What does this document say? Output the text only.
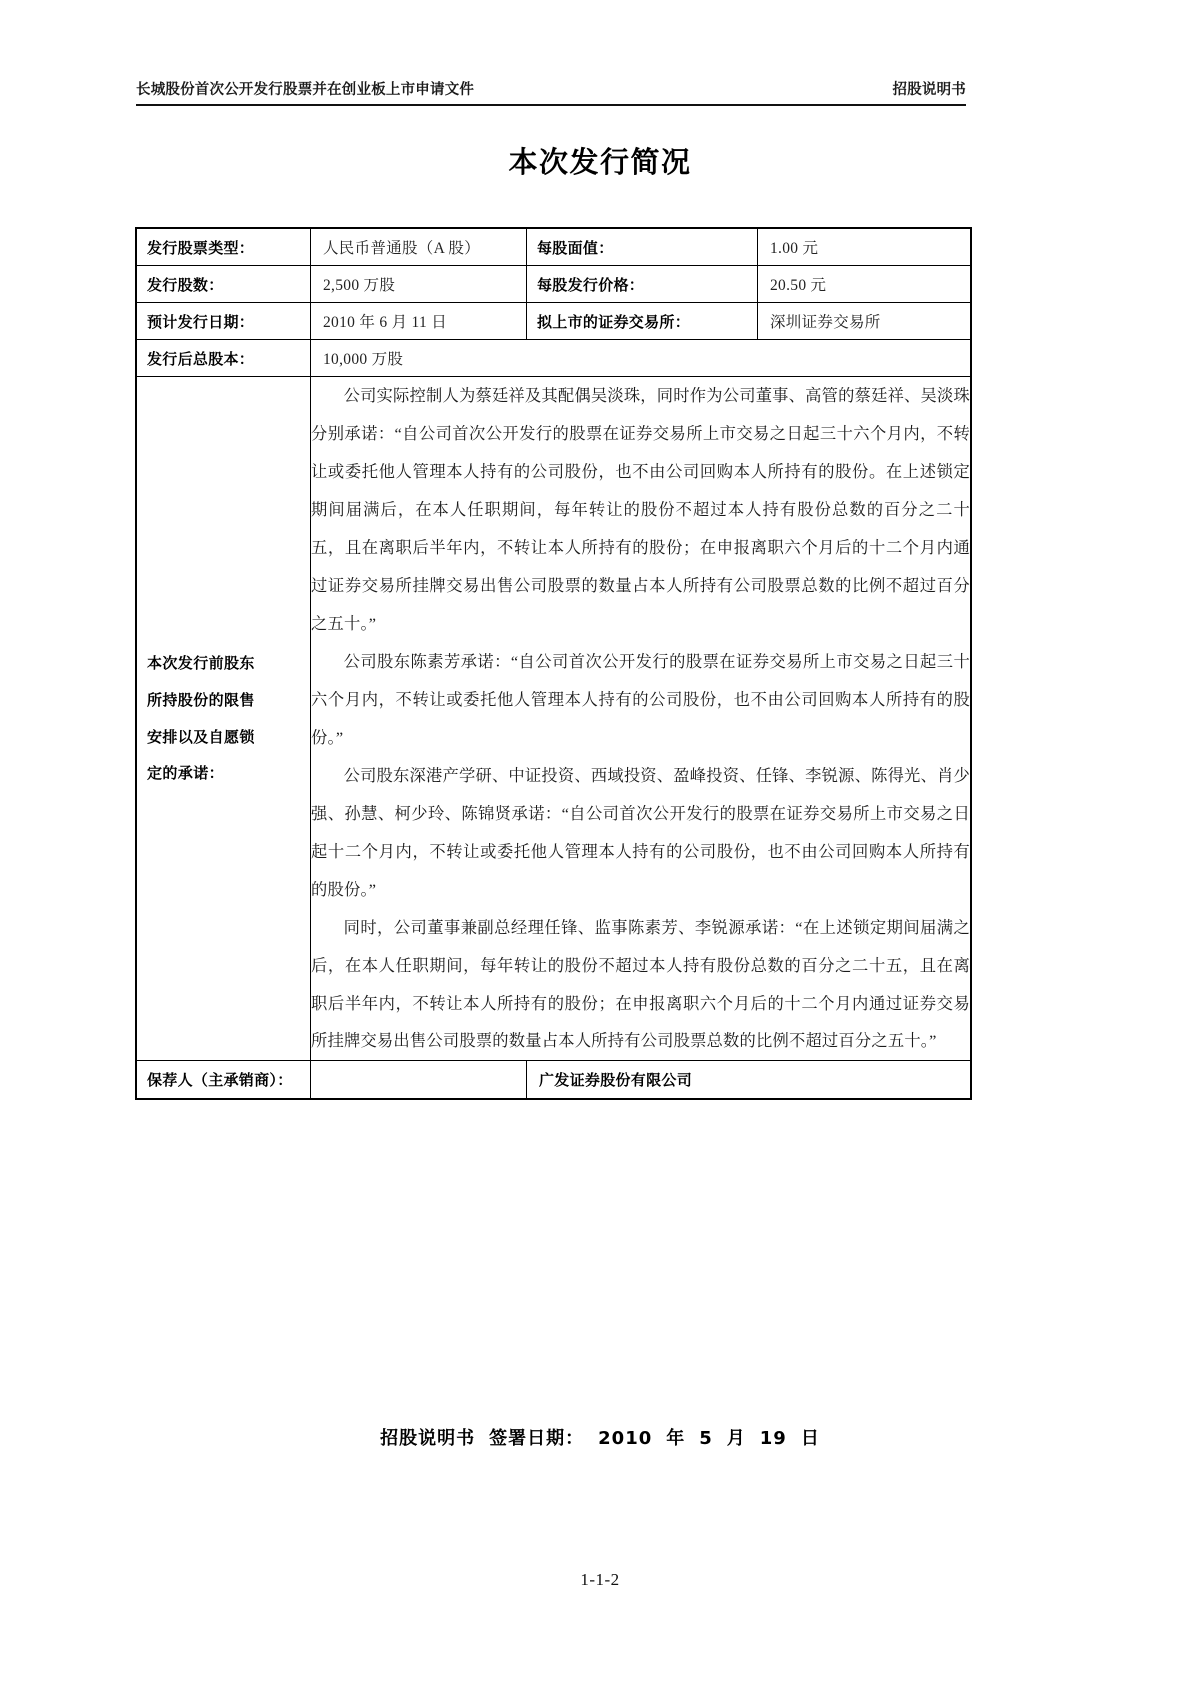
长城股份首次公开发行股票并在创业板上市申请文件	招股说明书
本次发行简况
发行股票类型：	人民币普通股（A 股）	每股面值：	1.00 元

发行股数：	2,500 万股	每股发行价格：	20.50 元

预计发行日期：	2010 年 6 月 11 日	拟上市的证券交易所：	深圳证券交易所

发行后总股本：	10,000 万股		

本次发行前股东
所持股份的限售
安排以及自愿锁
定的承诺：

公司实际控制人为蔡廷祥及其配偶吴淡珠，同时作为公司董事、高管的蔡廷祥、吴淡珠分别承诺：“自公司首次公开发行的股票在证券交易所上市交易之日起三十六个月内，不转让或委托他人管理本人持有的公司股份，也不由公司回购本人所持有的股份。在上述锁定期间届满后，在本人任职期间，每年转让的股份不超过本人持有股份总数的百分之二十五，且在离职后半年内，不转让本人所持有的股份；在申报离职六个月后的十二个月内通过证券交易所挂牌交易出售公司股票的数量占本人所持有公司股票总数的比例不超过百分之五十。”

公司股东陈素芳承诺：“自公司首次公开发行的股票在证券交易所上市交易之日起三十六个月内，不转让或委托他人管理本人持有的公司股份，也不由公司回购本人所持有的股份。”

公司股东深港产学研、中证投资、西域投资、盈峰投资、任锋、李锐源、陈得光、肖少强、孙慧、柯少玲、陈锦贤承诺：“自公司首次公开发行的股票在证券交易所上市交易之日起十二个月内，不转让或委托他人管理本人持有的公司股份，也不由公司回购本人所持有的股份。”

同时，公司董事兼副总经理任锋、监事陈素芳、李锐源承诺：“在上述锁定期间届满之后，在本人任职期间，每年转让的股份不超过本人持有股份总数的百分之二十五，且在离职后半年内，不转让本人所持有的股份；在申报离职六个月后的十二个月内通过证券交易所挂牌交易出售公司股票的数量占本人所持有公司股票总数的比例不超过百分之五十。”

保荐人（主承销商）：		广发证券股份有限公司	
招股说明书 签署日期： 2010 年 5 月 19 日
1-1-2
